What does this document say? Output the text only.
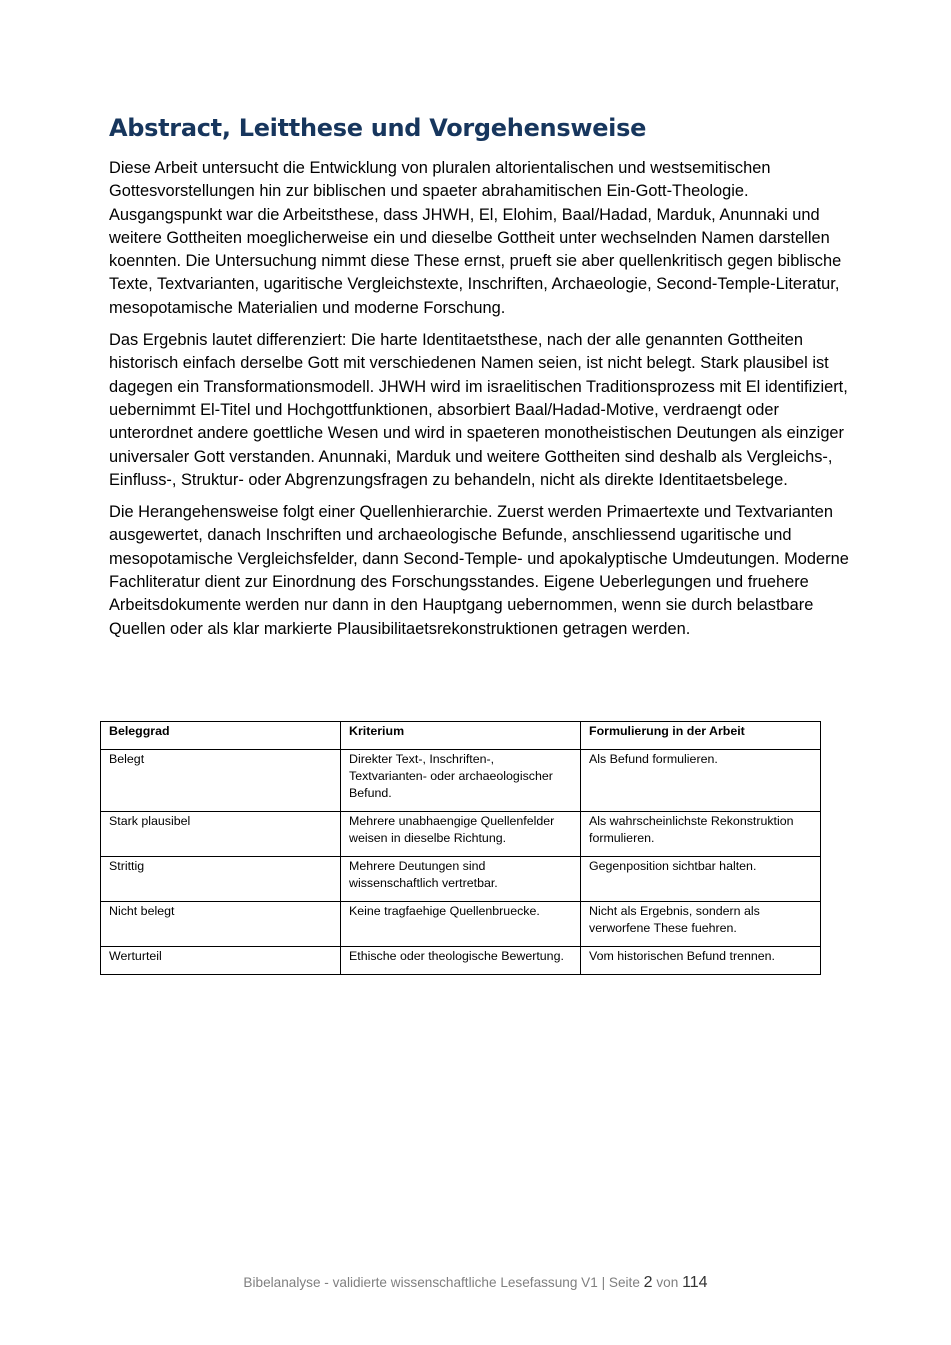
Abstract, Leitthese und Vorgehensweise

Diese Arbeit untersucht die Entwicklung von pluralen altorientalischen und westsemitischen Gottesvorstellungen hin zur biblischen und spaeter abrahamitischen Ein-Gott-Theologie. Ausgangspunkt war die Arbeitsthese, dass JHWH, El, Elohim, Baal/Hadad, Marduk, Anunnaki und weitere Gottheiten moeglicherweise ein und dieselbe Gottheit unter wechselnden Namen darstellen koennten. Die Untersuchung nimmt diese These ernst, prueft sie aber quellenkritisch gegen biblische Texte, Textvarianten, ugaritische Vergleichstexte, Inschriften, Archaeologie, Second-Temple-Literatur, mesopotamische Materialien und moderne Forschung.

Das Ergebnis lautet differenziert: Die harte Identitaetsthese, nach der alle genannten Gottheiten historisch einfach derselbe Gott mit verschiedenen Namen seien, ist nicht belegt. Stark plausibel ist dagegen ein Transformationsmodell. JHWH wird im israelitischen Traditionsprozess mit El identifiziert, uebernimmt El-Titel und Hochgottfunktionen, absorbiert Baal/Hadad-Motive, verdraengt oder unterordnet andere goettliche Wesen und wird in spaeteren monotheistischen Deutungen als einziger universaler Gott verstanden. Anunnaki, Marduk und weitere Gottheiten sind deshalb als Vergleichs-, Einfluss-, Struktur- oder Abgrenzungsfragen zu behandeln, nicht als direkte Identitaetsbelege.

Die Herangehensweise folgt einer Quellenhierarchie. Zuerst werden Primaertexte und Textvarianten ausgewertet, danach Inschriften und archaeologische Befunde, anschliessend ugaritische und mesopotamische Vergleichsfelder, dann Second-Temple- und apokalyptische Umdeutungen. Moderne Fachliteratur dient zur Einordnung des Forschungsstandes. Eigene Ueberlegungen und fruehere Arbeitsdokumente werden nur dann in den Hauptgang uebernommen, wenn sie durch belastbare Quellen oder als klar markierte Plausibilitaetsrekonstruktionen getragen werden.

Beleggrad	Kriterium	Formulierung in der Arbeit
Belegt	Direkter Text-, Inschriften-, Textvarianten- oder archaeologischer Befund.	Als Befund formulieren.
Stark plausibel	Mehrere unabhaengige Quellenfelder weisen in dieselbe Richtung.	Als wahrscheinlichste Rekonstruktion formulieren.
Strittig	Mehrere Deutungen sind wissenschaftlich vertretbar.	Gegenposition sichtbar halten.
Nicht belegt	Keine tragfaehige Quellenbruecke.	Nicht als Ergebnis, sondern als verworfene These fuehren.
Werturteil	Ethische oder theologische Bewertung.	Vom historischen Befund trennen.
Bibelanalyse - validierte wissenschaftliche Lesefassung V1 | Seite 2 von 114
